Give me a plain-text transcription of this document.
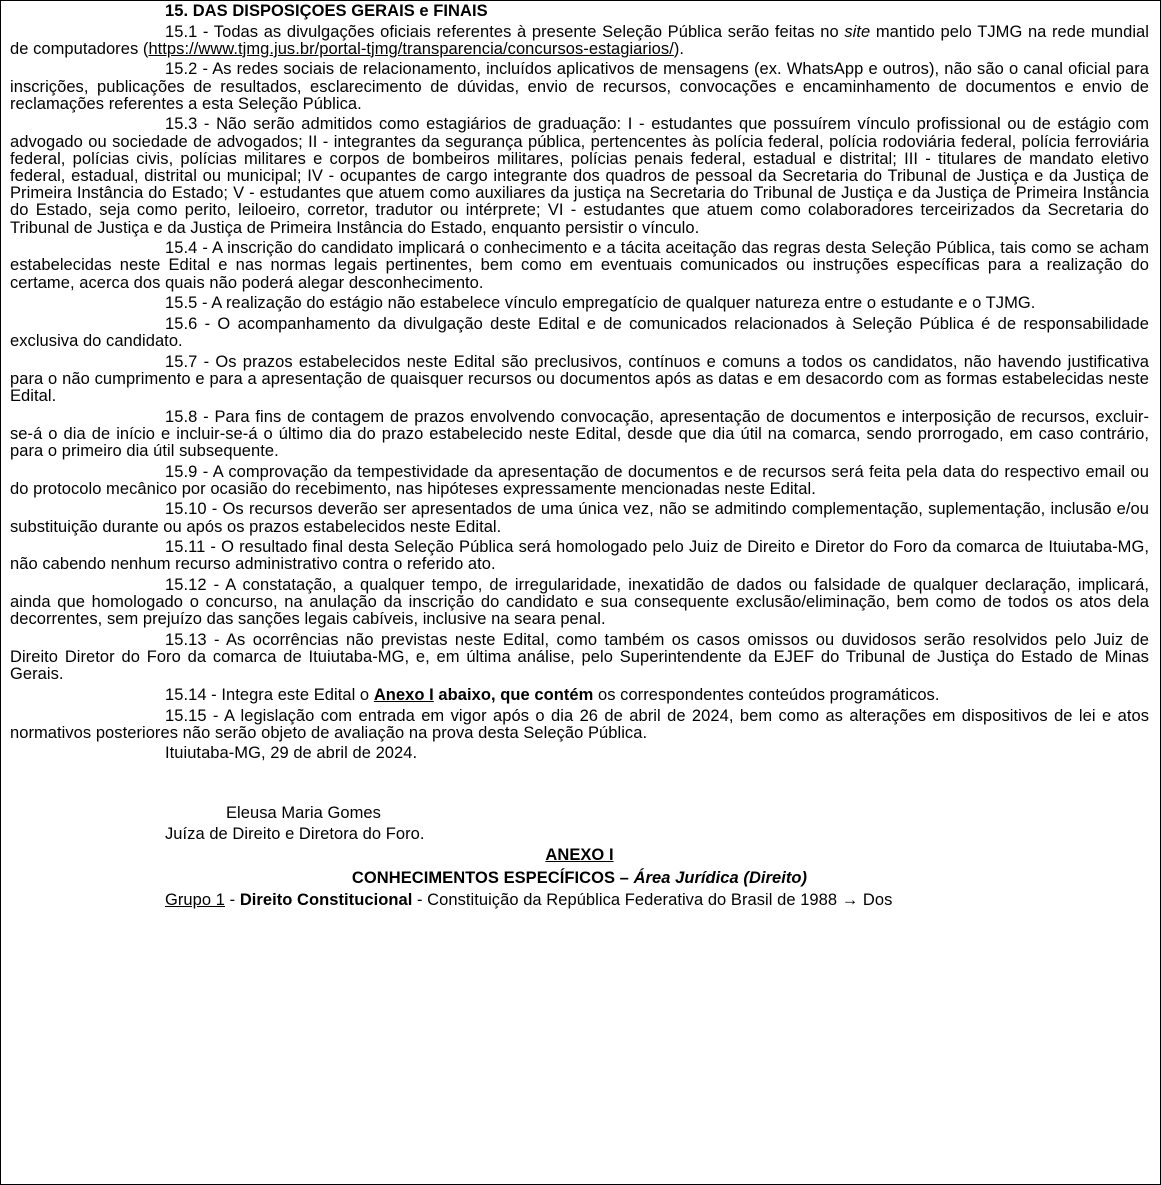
15. DAS DISPOSIÇOES GERAIS e FINAIS

15.1 - Todas as divulgações oficiais referentes à presente Seleção Pública serão feitas no site mantido pelo TJMG na rede mundial de computadores (https://www.tjmg.jus.br/portal-tjmg/transparencia/concursos-estagiarios/).

15.2 - As redes sociais de relacionamento, incluídos aplicativos de mensagens (ex. WhatsApp e outros), não são o canal oficial para inscrições, publicações de resultados, esclarecimento de dúvidas, envio de recursos, convocações e encaminhamento de documentos e envio de reclamações referentes a esta Seleção Pública.

15.3 - Não serão admitidos como estagiários de graduação: I - estudantes que possuírem vínculo profissional ou de estágio com advogado ou sociedade de advogados; II - integrantes da segurança pública, pertencentes às polícia federal, polícia rodoviária federal, polícia ferroviária federal, polícias civis, polícias militares e corpos de bombeiros militares, polícias penais federal, estadual e distrital; III - titulares de mandato eletivo federal, estadual, distrital ou municipal; IV - ocupantes de cargo integrante dos quadros de pessoal da Secretaria do Tribunal de Justiça e da Justiça de Primeira Instância do Estado; V - estudantes que atuem como auxiliares da justiça na Secretaria do Tribunal de Justiça e da Justiça de Primeira Instância do Estado, seja como perito, leiloeiro, corretor, tradutor ou intérprete; VI - estudantes que atuem como colaboradores terceirizados da Secretaria do Tribunal de Justiça e da Justiça de Primeira Instância do Estado, enquanto persistir o vínculo.

15.4 - A inscrição do candidato implicará o conhecimento e a tácita aceitação das regras desta Seleção Pública, tais como se acham estabelecidas neste Edital e nas normas legais pertinentes, bem como em eventuais comunicados ou instruções específicas para a realização do certame, acerca dos quais não poderá alegar desconhecimento.

15.5 - A realização do estágio não estabelece vínculo empregatício de qualquer natureza entre o estudante e o TJMG.

15.6 - O acompanhamento da divulgação deste Edital e de comunicados relacionados à Seleção Pública é de responsabilidade exclusiva do candidato.

15.7 - Os prazos estabelecidos neste Edital são preclusivos, contínuos e comuns a todos os candidatos, não havendo justificativa para o não cumprimento e para a apresentação de quaisquer recursos ou documentos após as datas e em desacordo com as formas estabelecidas neste Edital.

15.8 - Para fins de contagem de prazos envolvendo convocação, apresentação de documentos e interposição de recursos, excluir-se-á o dia de início e incluir-se-á o último dia do prazo estabelecido neste Edital, desde que dia útil na comarca, sendo prorrogado, em caso contrário, para o primeiro dia útil subsequente.

15.9 - A comprovação da tempestividade da apresentação de documentos e de recursos será feita pela data do respectivo email ou do protocolo mecânico por ocasião do recebimento, nas hipóteses expressamente mencionadas neste Edital.

15.10 - Os recursos deverão ser apresentados de uma única vez, não se admitindo complementação, suplementação, inclusão e/ou substituição durante ou após os prazos estabelecidos neste Edital.

15.11 - O resultado final desta Seleção Pública será homologado pelo Juiz de Direito e Diretor do Foro da comarca de Ituiutaba-MG, não cabendo nenhum recurso administrativo contra o referido ato.

15.12 - A constatação, a qualquer tempo, de irregularidade, inexatidão de dados ou falsidade de qualquer declaração, implicará, ainda que homologado o concurso, na anulação da inscrição do candidato e sua consequente exclusão/eliminação, bem como de todos os atos dela decorrentes, sem prejuízo das sanções legais cabíveis, inclusive na seara penal.

15.13 - As ocorrências não previstas neste Edital, como também os casos omissos ou duvidosos serão resolvidos pelo Juiz de Direito Diretor do Foro da comarca de Ituiutaba-MG, e, em última análise, pelo Superintendente da EJEF do Tribunal de Justiça do Estado de Minas Gerais.

15.14 - Integra este Edital o Anexo I abaixo, que contém os correspondentes conteúdos programáticos.

15.15 - A legislação com entrada em vigor após o dia 26 de abril de 2024, bem como as alterações em dispositivos de lei e atos normativos posteriores não serão objeto de avaliação na prova desta Seleção Pública.

Ituiutaba-MG, 29 de abril de 2024.

Eleusa Maria Gomes

Juíza de Direito e Diretora do Foro.

ANEXO I

CONHECIMENTOS ESPECÍFICOS – Área Jurídica (Direito)

Grupo 1 - Direito Constitucional - Constituição da República Federativa do Brasil de 1988 → Dos
